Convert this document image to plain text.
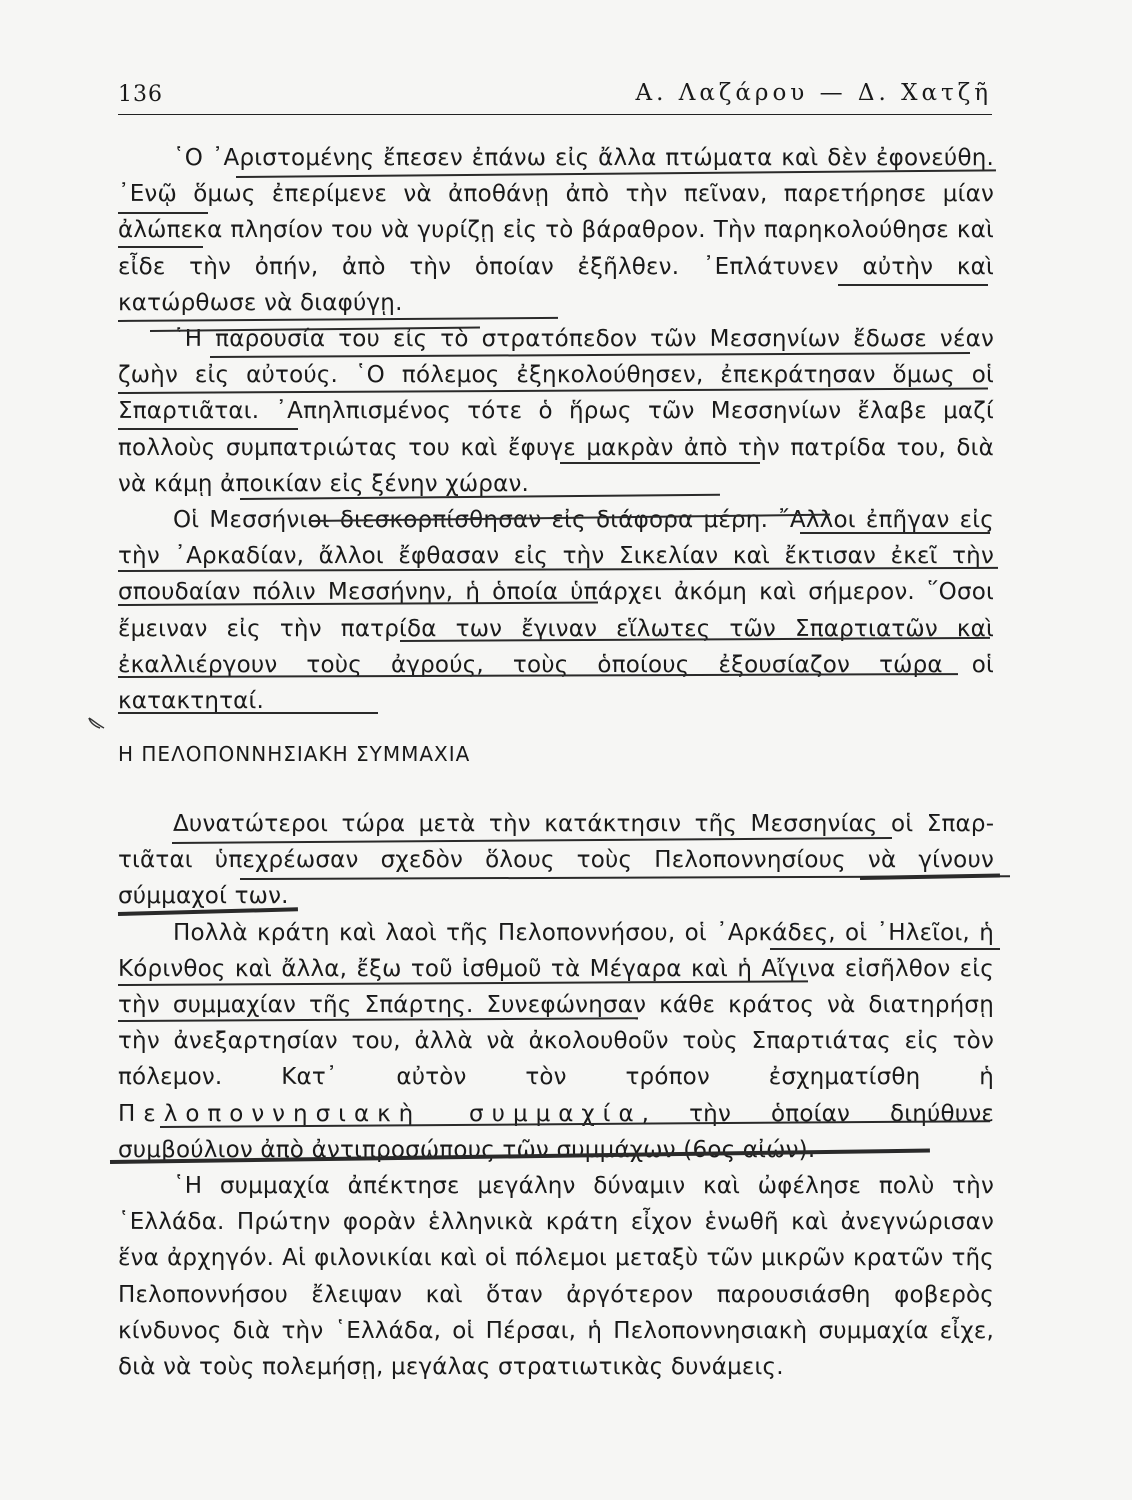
136	Α. Λαζάρου — Δ. Χατζῆ

῾Ο ᾿Αριστομένης ἔπεσεν ἐπάνω εἰς ἄλλα πτώματα καὶ δὲν ἐφονεύθη. ᾿Ενῷ ὅμως ἐπερίμενε νὰ ἀποθάνῃ ἀπὸ τὴν πεῖναν, παρετήρησε μίαν ἀλώπεκα πλησίον του νὰ γυρίζῃ εἰς τὸ βάραθρον. Τὴν παρηκολούθησε καὶ εἶδε τὴν ὀπήν, ἀπὸ τὴν ὁποίαν ἐξῆλθεν. ᾿Επλάτυνεν αὐτὴν καὶ κατώρθωσε νὰ διαφύγῃ.

῾Η παρουσία του εἰς τὸ στρατόπεδον τῶν Μεσσηνίων ἔδωσε νέαν ζωὴν εἰς αὐτούς. ῾Ο πόλεμος ἐξηκολούθησεν, ἐπεκράτησαν ὅμως οἱ Σπαρτιᾶται. ᾿Απηλπισμένος τότε ὁ ἥρως τῶν Μεσσηνίων ἔλαβε μαζί πολλοὺς συμπατριώτας του καὶ ἔφυγε μακρὰν ἀπὸ τὴν πατρίδα του, διὰ νὰ κάμῃ ἀποικίαν εἰς ξένην χώραν.

Οἱ Μεσσήνιοι διεσκορπίσθησαν εἰς διάφορα μέρη. ῎Αλλοι ἐπῆγαν εἰς τὴν ᾿Αρκαδίαν, ἄλλοι ἔφθασαν εἰς τὴν Σικελίαν καὶ ἔκτισαν ἐκεῖ τὴν σπουδαίαν πόλιν Μεσσήνην, ἡ ὁποία ὑπάρχει ἀκόμη καὶ σήμερον. ῞Οσοι ἔμειναν εἰς τὴν πατρίδα των ἔγιναν εἵλωτες τῶν Σπαρτιατῶν καὶ ἐκαλλιέργουν τοὺς ἀγρούς, τοὺς ὁποίους ἐξουσίαζον τώρα οἱ κατακτηταί.

Η ΠΕΛΟΠΟΝΝΗΣΙΑΚΗ ΣΥΜΜΑΧΙΑ

Δυνατώτεροι τώρα μετὰ τὴν κατάκτησιν τῆς Μεσσηνίας οἱ Σπαρτιᾶται ὑπεχρέωσαν σχεδὸν ὅλους τοὺς Πελοποννησίους νὰ γίνουν σύμμαχοί των.

Πολλὰ κράτη καὶ λαοὶ τῆς Πελοποννήσου, οἱ ᾿Αρκάδες, οἱ ᾿Ηλεῖοι, ἡ Κόρινθος καὶ ἄλλα, ἔξω τοῦ ἰσθμοῦ τὰ Μέγαρα καὶ ἡ Αἴγινα εἰσῆλθον εἰς τὴν συμμαχίαν τῆς Σπάρτης. Συνεφώνησαν κάθε κράτος νὰ διατηρήσῃ τὴν ἀνεξαρτησίαν του, ἀλλὰ νὰ ἀκολουθοῦν τοὺς Σπαρτιάτας εἰς τὸν πόλεμον. Κατ᾿ αὐτὸν τὸν τρόπον ἐσχηματίσθη ἡ Πελοποννησιακὴ συμμαχία, τὴν ὁποίαν διηύθυνε συμβούλιον ἀπὸ ἀντιπροσώπους τῶν συμμάχων (6ος αἰών).

῾Η συμμαχία ἀπέκτησε μεγάλην δύναμιν καὶ ὠφέλησε πολὺ τὴν ῾Ελλάδα. Πρώτην φορὰν ἑλληνικὰ κράτη εἶχον ἑνωθῆ καὶ ἀνεγνώρισαν ἕνα ἀρχηγόν. Αἱ φιλονικίαι καὶ οἱ πόλεμοι μεταξὺ τῶν μικρῶν κρατῶν τῆς Πελοποννήσου ἔλειψαν καὶ ὅταν ἀργότερον παρουσιάσθη φοβερὸς κίνδυνος διὰ τὴν ῾Ελλάδα, οἱ Πέρσαι, ἡ Πελοποννησιακὴ συμμαχία εἶχε, διὰ νὰ τοὺς πολεμήσῃ, μεγάλας στρατιωτικὰς δυνάμεις.
